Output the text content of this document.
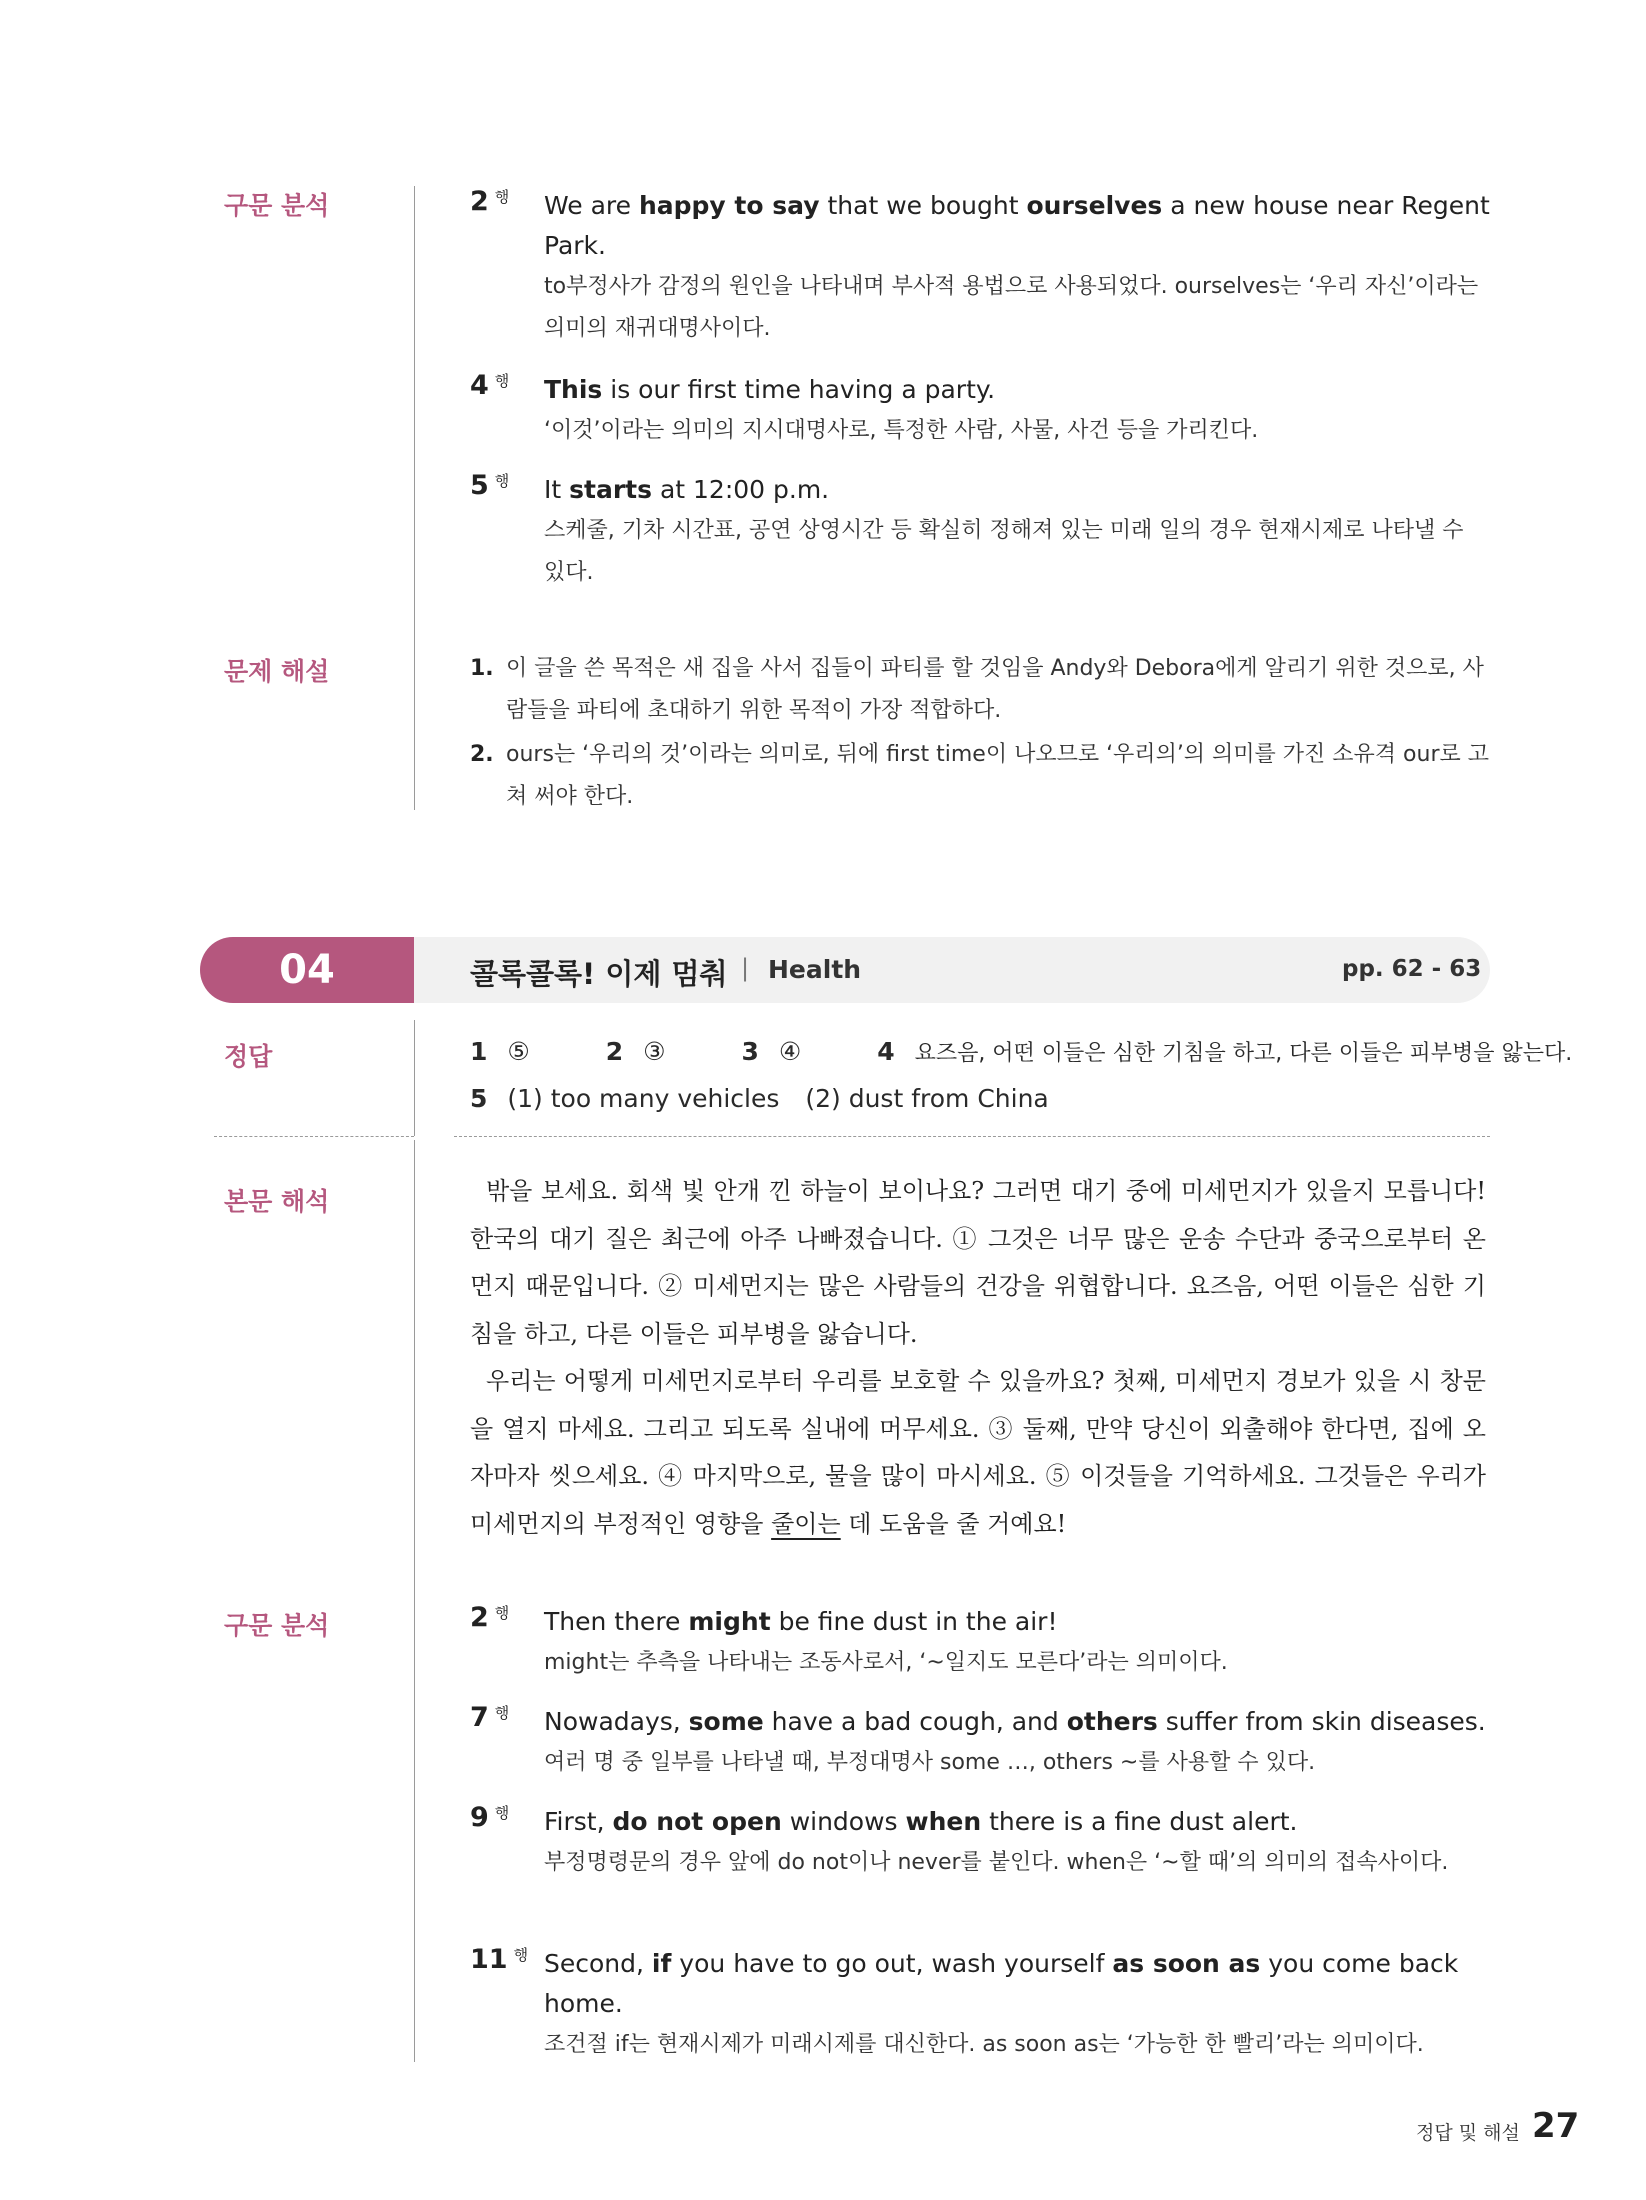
구문 분석	2 $^행$ We are happy to say that we bought ourselves a new house near Regent Park.
to부정사가 감정의 원인을 나타내며 부사적 용법으로 사용되었다. ourselves는 ‘우리 자신’이라는 의미의 재귀대명사이다.
4 $^행$ This is our first time having a party.
‘이것’이라는 의미의 지시대명사로, 특정한 사람, 사물, 사건 등을 가리킨다.
5 $^행$ It starts at 12:00 p.m.
스케줄, 기차 시간표, 공연 상영시간 등 확실히 정해져 있는 미래 일의 경우 현재시제로 나타낼 수 있다.
문제 해설	1. 이 글을 쓴 목적은 새 집을 사서 집들이 파티를 할 것임을 Andy와 Debora에게 알리기 위한 것으로, 사람들을 파티에 초대하기 위한 목적이 가장 적합하다.
2. ours는 ‘우리의 것’이라는 의미로, 뒤에 first time이 나오므로 ‘우리의’의 의미를 가진 소유격 our로 고쳐 써야 한다.
04	콜록콜록! 이제 멈춰 | Health	pp. 62 - 63
정답	1 ⑤	2 ③	3 ④	4 요즈음, 어떤 이들은 심한 기침을 하고, 다른 이들은 피부병을 앓는다.
5 (1) too many vehicles (2) dust from China
본문 해석	밖을 보세요. 회색 빛 안개 낀 하늘이 보이나요? 그러면 대기 중에 미세먼지가 있을지 모릅니다! 한국의 대기 질은 최근에 아주 나빠졌습니다. ① 그것은 너무 많은 운송 수단과 중국으로부터 온 먼지 때문입니다. ② 미세먼지는 많은 사람들의 건강을 위협합니다. 요즈음, 어떤 이들은 심한 기침을 하고, 다른 이들은 피부병을 앓습니다.

우리는 어떻게 미세먼지로부터 우리를 보호할 수 있을까요? 첫째, 미세먼지 경보가 있을 시 창문을 열지 마세요. 그리고 되도록 실내에 머무세요. ③ 둘째, 만약 당신이 외출해야 한다면, 집에 오자마자 씻으세요. ④ 마지막으로, 물을 많이 마시세요. ⑤ 이것들을 기억하세요. 그것들은 우리가 미세먼지의 부정적인 영향을 줄이는 데 도움을 줄 거예요!

구문 분석	2 $^행$ Then there might be fine dust in the air!
might는 추측을 나타내는 조동사로서, ‘~일지도 모른다’라는 의미이다.
7 $^행$ Nowadays, some have a bad cough, and others suffer from skin diseases.
여러 명 중 일부를 나타낼 때, 부정대명사 some …, others ~를 사용할 수 있다.
9 $^행$ First, do not open windows when there is a fine dust alert.
부정명령문의 경우 앞에 do not이나 never를 붙인다. when은 ‘~할 때’의 의미의 접속사이다.
11 $^행$ Second, if you have to go out, wash yourself as soon as you come back home.
조건절 if는 현재시제가 미래시제를 대신한다. as soon as는 ‘가능한 한 빨리’라는 의미이다.
정답 및 해설 27
